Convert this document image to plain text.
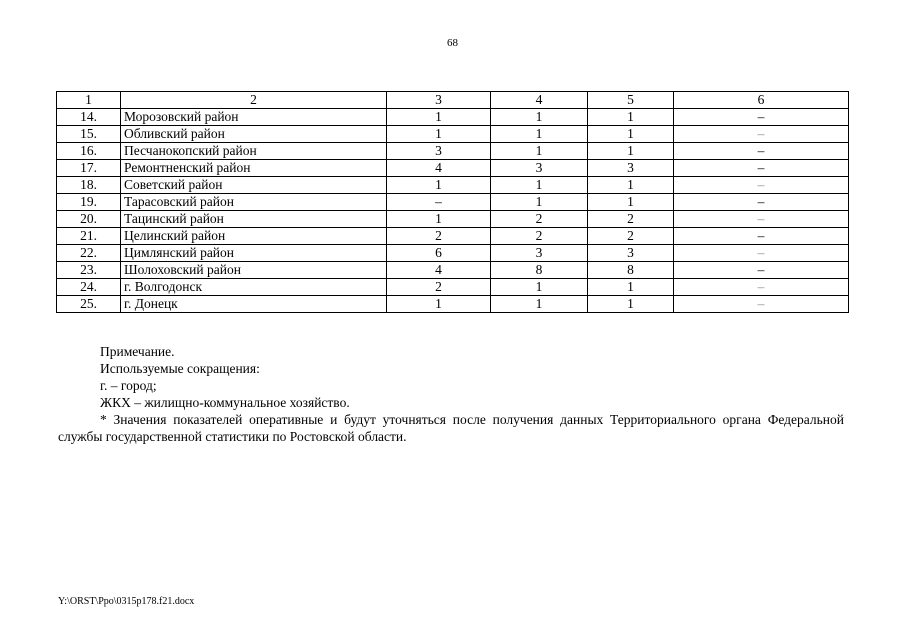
68
1	2	3	4	5	6
14.	Морозовский район	1	1	1	–
15.	Обливский район	1	1	1	–
16.	Песчанокопский район	3	1	1	–
17.	Ремонтненский район	4	3	3	–
18.	Советский район	1	1	1	–
19.	Тарасовский район	–	1	1	–
20.	Тацинский район	1	2	2	–
21.	Целинский район	2	2	2	–
22.	Цимлянский район	6	3	3	–
23.	Шолоховский район	4	8	8	–
24.	г. Волгодонск	2	1	1	–
25.	г. Донецк	1	1	1	–
Примечание.
Используемые сокращения:
г. – город;
ЖКХ – жилищно-коммунальное хозяйство.
* Значения показателей оперативные и будут уточняться после получения данных Территориального органа Федеральной службы государственной статистики по Ростовской области.
Y:\ORST\Ppo\0315p178.f21.docx
